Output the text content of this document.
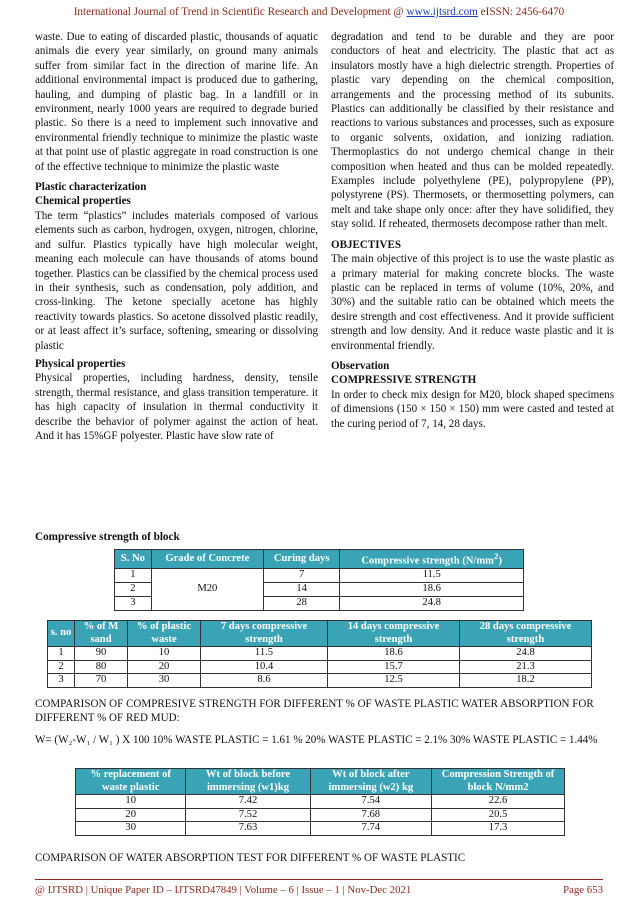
International Journal of Trend in Scientific Research and Development @ www.ijtsrd.com eISSN: 2456-6470

waste. Due to eating of discarded plastic, thousands of aquatic animals die every year similarly, on ground many animals suffer from similar fact in the direction of marine life. An additional environmental impact is produced due to gathering, hauling, and dumping of plastic bag. In a landfill or in environment, nearly 1000 years are required to degrade buried plastic. So there is a need to implement such innovative and environmental friendly technique to minimize the plastic waste at that point use of plastic aggregate in road construction is one of the effective technique to minimize the plastic waste

Plastic characterization

Chemical properties

The term “plastics” includes materials composed of various elements such as carbon, hydrogen, oxygen, nitrogen, chlorine, and sulfur. Plastics typically have high molecular weight, meaning each molecule can have thousands of atoms bound together. Plastics can be classified by the chemical process used in their synthesis, such as condensation, poly addition, and cross-linking. The ketone specially acetone has highly reactivity towards plastics. So acetone dissolved plastic readily, or at least affect it’s surface, softening, smearing or dissolving plastic

Physical properties

Physical properties, including hardness, density, tensile strength, thermal resistance, and glass transition temperature. it has high capacity of insulation in thermal conductivity it describe the behavior of polymer against the action of heat. And it has 15%GF polyester. Plastic have slow rate of

degradation and tend to be durable and they are poor conductors of heat and electricity. The plastic that act as insulators mostly have a high dielectric strength. Properties of plastic vary depending on the chemical composition, arrangements and the processing method of its subunits. Plastics can additionally be classified by their resistance and reactions to various substances and processes, such as exposure to organic solvents, oxidation, and ionizing radiation. Thermoplastics do not undergo chemical change in their composition when heated and thus can be molded repeatedly. Examples include polyethylene (PE), polypropylene (PP), polystyrene (PS). Thermosets, or thermosetting polymers, can melt and take shape only once: after they have solidified, they stay solid. If reheated, thermosets decompose rather than melt.

OBJECTIVES

The main objective of this project is to use the waste plastic as a primary material for making concrete blocks. The waste plastic can be replaced in terms of volume (10%, 20%, and 30%) and the suitable ratio can be obtained which meets the desire strength and cost effectiveness. And it provide sufficient strength and low density. And it reduce waste plastic and it is environmental friendly.

Observation

COMPRESSIVE STRENGTH

In order to check mix design for M20, block shaped specimens of dimensions (150 × 150 × 150) mm were casted and tested at the curing period of 7, 14, 28 days.

Compressive strength of block
S. No	Grade of Concrete	Curing days	Compressive strength $(N/mm^2)$
1	M20	7	11.5
2		14	18.6
3		28	24.8
s. no	% of M sand	% of plastic waste	7 days compressive strength	14 days compressive strength	28 days compressive strength
1	90	10	11.5	18.6	24.8
2	80	20	10.4	15.7	21.3
3	70	30	8.6	12.5	18.2
COMPARISON OF COMPRESIVE STRENGTH FOR DIFFERENT % OF WASTE PLASTIC WATER ABSORPTION FOR DIFFERENT % OF RED MUD:
W= (W₂-W₁ / W₁ ) X 100 10% WASTE PLASTIC = 1.61 % 20% WASTE PLASTIC = 2.1% 30% WASTE PLASTIC = 1.44%
% replacement of waste plastic	Wt of block before immersing (w1)kg	Wt of block after immersing (w2) kg	Compression Strength of block N/mm2
10	7.42	7.54	22.6
20	7.52	7.68	20.5
30	7.63	7.74	17.3
COMPARISON OF WATER ABSORPTION TEST FOR DIFFERENT % OF WASTE PLASTIC
@ IJTSRD | Unique Paper ID – IJTSRD47849 | Volume – 6 | Issue – 1 | Nov-Dec 2021	Page 653
